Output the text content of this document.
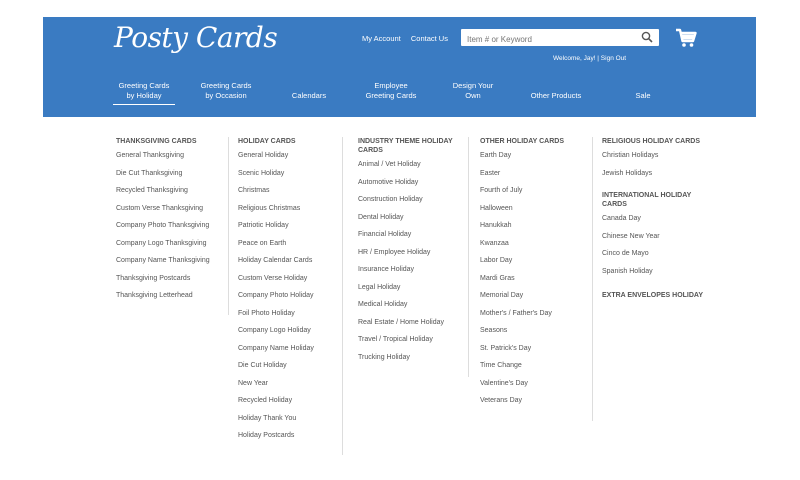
Posty Cards	My Account Contact Us
Item # or Keyword
Welcome, Jay! | Sign Out
Greeting Cards
by Holiday
Greeting Cards
by Occasion
	Calendars
Employee
Greeting Cards
Design Your
Own
	Other Products
	Sale
THANKSGIVING CARDS
General Thanksgiving
Die Cut Thanksgiving
Recycled Thanksgiving
Custom Verse Thanksgiving
Company Photo Thanksgiving
Company Logo Thanksgiving
Company Name Thanksgiving
Thanksgiving Postcards
Thanksgiving Letterhead
HOLIDAY CARDS
General Holiday
Scenic Holiday
Christmas
Religious Christmas
Patriotic Holiday
Peace on Earth
Holiday Calendar Cards
Custom Verse Holiday
Company Photo Holiday
Foil Photo Holiday
Company Logo Holiday
Company Name Holiday
Die Cut Holiday
New Year
Recycled Holiday
Holiday Thank You
Holiday Postcards
INDUSTRY THEME HOLIDAY
CARDS
Animal / Vet Holiday
Automotive Holiday
Construction Holiday
Dental Holiday
Financial Holiday
HR / Employee Holiday
Insurance Holiday
Legal Holiday
Medical Holiday
Real Estate / Home Holiday
Travel / Tropical Holiday
Trucking Holiday
OTHER HOLIDAY CARDS
Earth Day
Easter
Fourth of July
Halloween
Hanukkah
Kwanzaa
Labor Day
Mardi Gras
Memorial Day
Mother's / Father's Day
Seasons
St. Patrick's Day
Time Change
Valentine's Day
Veterans Day
RELIGIOUS HOLIDAY CARDS
Christian Holidays
Jewish Holidays
INTERNATIONAL HOLIDAY
CARDS
Canada Day
Chinese New Year
Cinco de Mayo
Spanish Holiday
EXTRA ENVELOPES HOLIDAY
